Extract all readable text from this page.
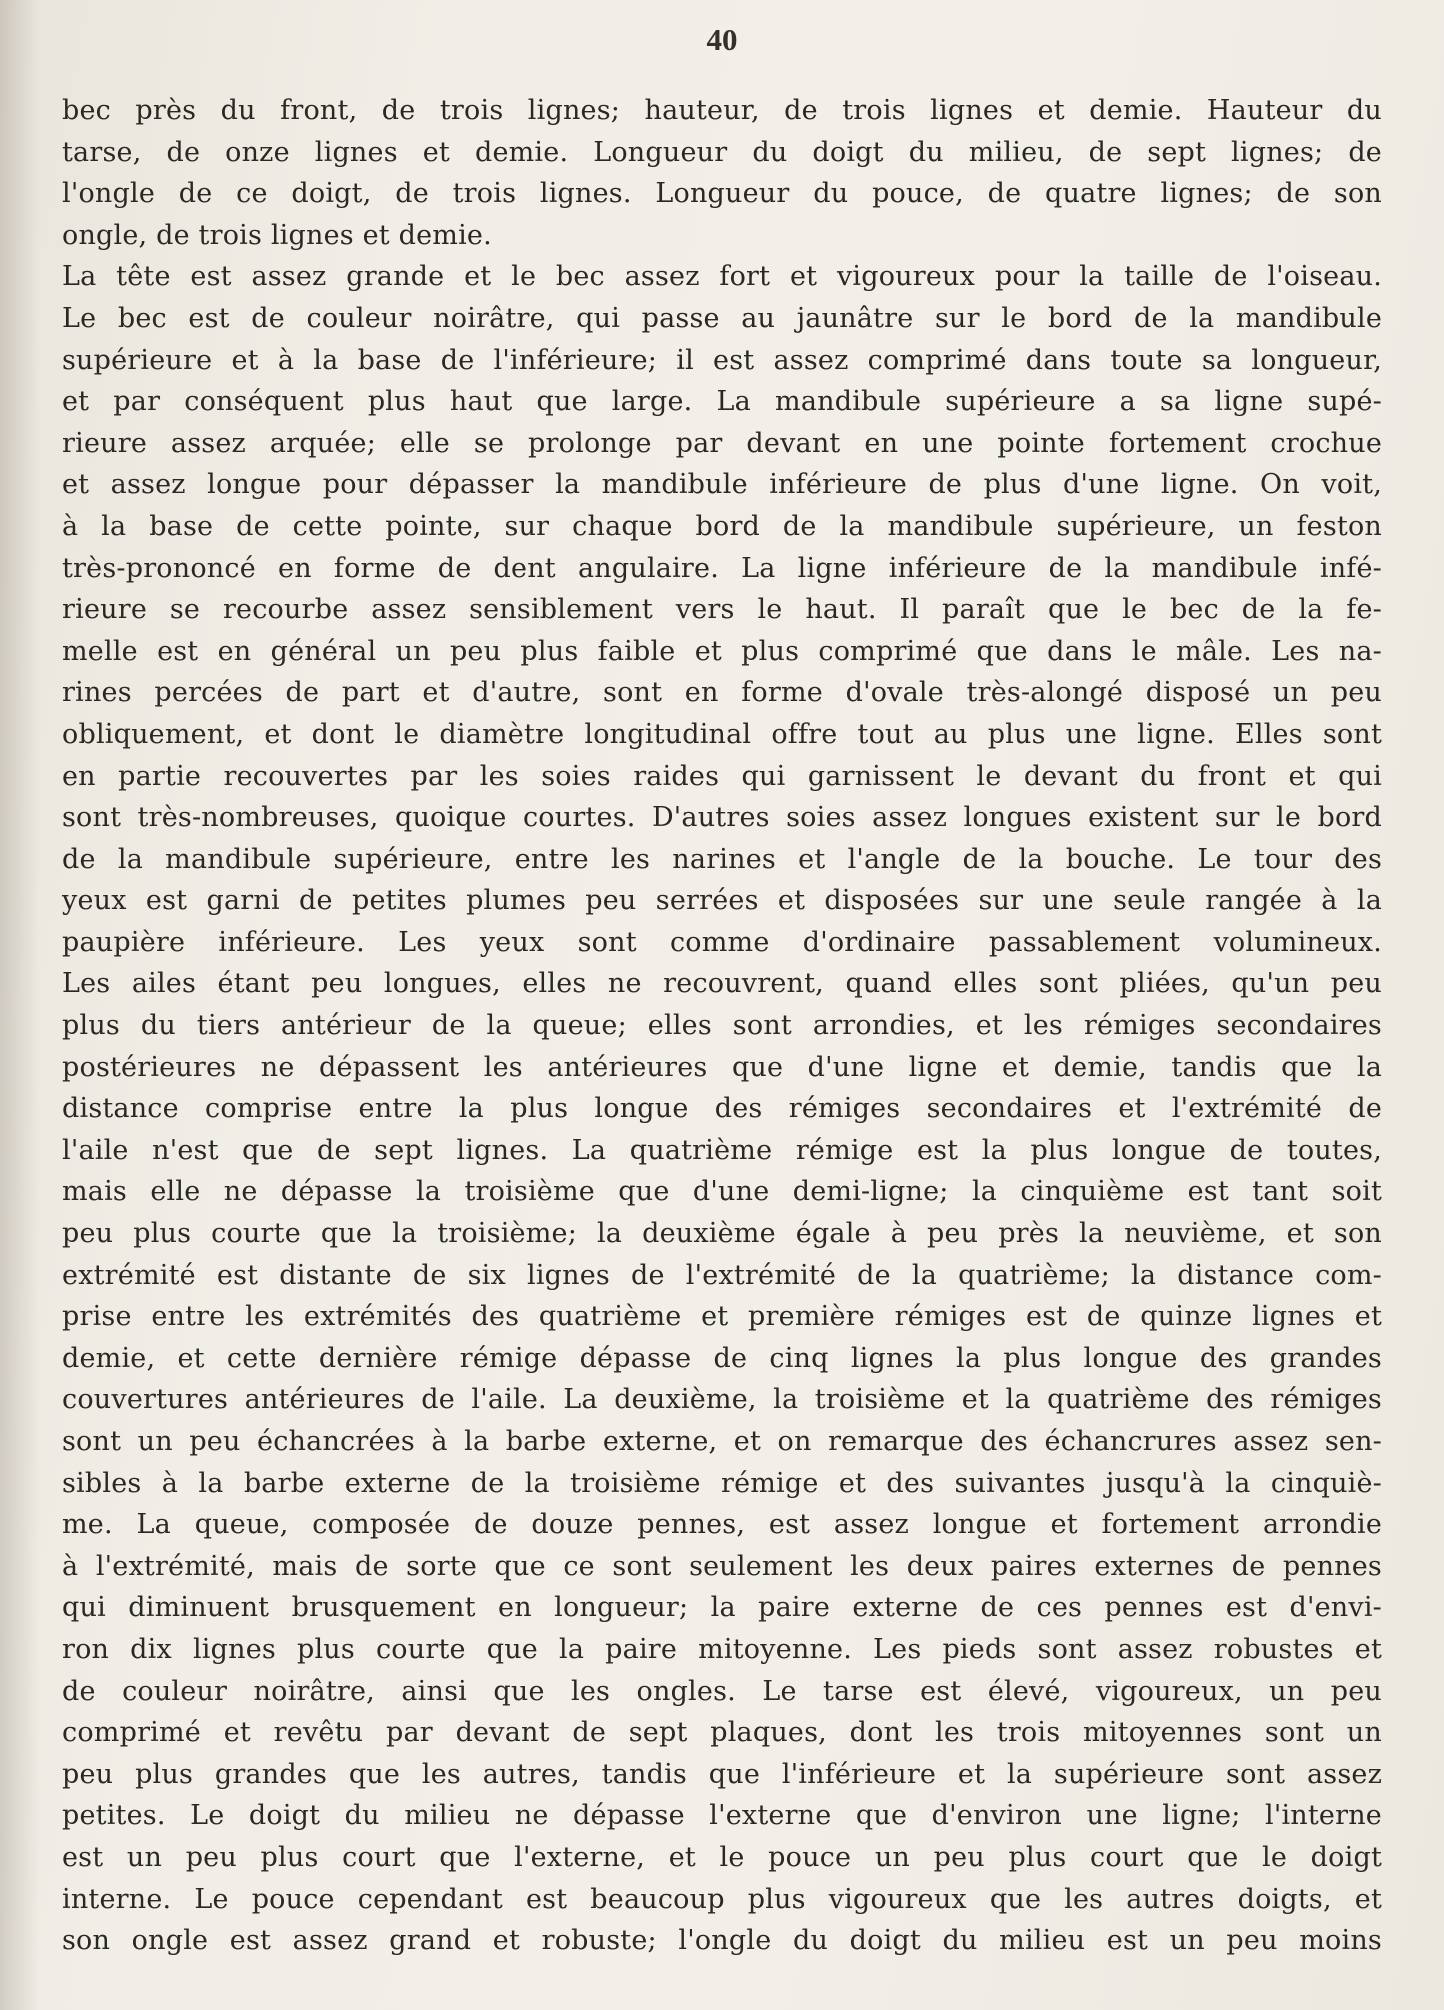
40
bec près du front, de trois lignes; hauteur, de trois lignes et demie. Hauteur du
tarse, de onze lignes et demie. Longueur du doigt du milieu, de sept lignes; de
l'ongle de ce doigt, de trois lignes. Longueur du pouce, de quatre lignes; de son
ongle, de trois lignes et demie.
La tête est assez grande et le bec assez fort et vigoureux pour la taille de l'oiseau.
Le bec est de couleur noirâtre, qui passe au jaunâtre sur le bord de la mandibule
supérieure et à la base de l'inférieure; il est assez comprimé dans toute sa longueur,
et par conséquent plus haut que large. La mandibule supérieure a sa ligne supé-
rieure assez arquée; elle se prolonge par devant en une pointe fortement crochue
et assez longue pour dépasser la mandibule inférieure de plus d'une ligne. On voit,
à la base de cette pointe, sur chaque bord de la mandibule supérieure, un feston
très-prononcé en forme de dent angulaire. La ligne inférieure de la mandibule infé-
rieure se recourbe assez sensiblement vers le haut. Il paraît que le bec de la fe-
melle est en général un peu plus faible et plus comprimé que dans le mâle. Les na-
rines percées de part et d'autre, sont en forme d'ovale très-alongé disposé un peu
obliquement, et dont le diamètre longitudinal offre tout au plus une ligne. Elles sont
en partie recouvertes par les soies raides qui garnissent le devant du front et qui
sont très-nombreuses, quoique courtes. D'autres soies assez longues existent sur le bord
de la mandibule supérieure, entre les narines et l'angle de la bouche. Le tour des
yeux est garni de petites plumes peu serrées et disposées sur une seule rangée à la
paupière inférieure. Les yeux sont comme d'ordinaire passablement volumineux.
Les ailes étant peu longues, elles ne recouvrent, quand elles sont pliées, qu'un peu
plus du tiers antérieur de la queue; elles sont arrondies, et les rémiges secondaires
postérieures ne dépassent les antérieures que d'une ligne et demie, tandis que la
distance comprise entre la plus longue des rémiges secondaires et l'extrémité de
l'aile n'est que de sept lignes. La quatrième rémige est la plus longue de toutes,
mais elle ne dépasse la troisième que d'une demi-ligne; la cinquième est tant soit
peu plus courte que la troisième; la deuxième égale à peu près la neuvième, et son
extrémité est distante de six lignes de l'extrémité de la quatrième; la distance com-
prise entre les extrémités des quatrième et première rémiges est de quinze lignes et
demie, et cette dernière rémige dépasse de cinq lignes la plus longue des grandes
couvertures antérieures de l'aile. La deuxième, la troisième et la quatrième des rémiges
sont un peu échancrées à la barbe externe, et on remarque des échancrures assez sen-
sibles à la barbe externe de la troisième rémige et des suivantes jusqu'à la cinquiè-
me. La queue, composée de douze pennes, est assez longue et fortement arrondie
à l'extrémité, mais de sorte que ce sont seulement les deux paires externes de pennes
qui diminuent brusquement en longueur; la paire externe de ces pennes est d'envi-
ron dix lignes plus courte que la paire mitoyenne. Les pieds sont assez robustes et
de couleur noirâtre, ainsi que les ongles. Le tarse est élevé, vigoureux, un peu
comprimé et revêtu par devant de sept plaques, dont les trois mitoyennes sont un
peu plus grandes que les autres, tandis que l'inférieure et la supérieure sont assez
petites. Le doigt du milieu ne dépasse l'externe que d'environ une ligne; l'interne
est un peu plus court que l'externe, et le pouce un peu plus court que le doigt
interne. Le pouce cependant est beaucoup plus vigoureux que les autres doigts, et
son ongle est assez grand et robuste; l'ongle du doigt du milieu est un peu moins
